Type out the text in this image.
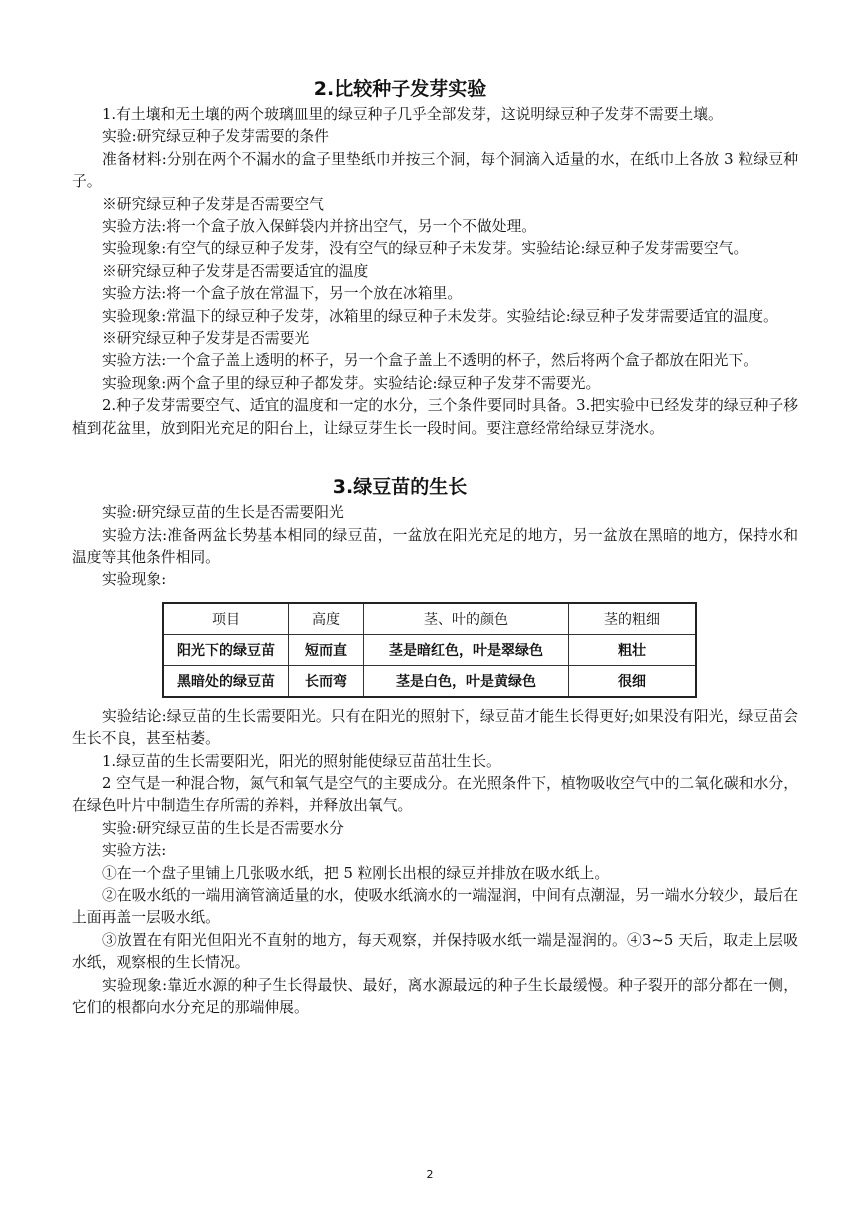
2.比较种子发芽实验

1.有土壤和无土壤的两个玻璃皿里的绿豆种子几乎全部发芽，这说明绿豆种子发芽不需要土壤。

实验:研究绿豆种子发芽需要的条件

准备材料:分别在两个不漏水的盒子里垫纸巾并按三个洞，每个洞滴入适量的水，在纸巾上各放 3 粒绿豆种子。

※研究绿豆种子发芽是否需要空气

实验方法:将一个盒子放入保鲜袋内并挤出空气，另一个不做处理。

实验现象:有空气的绿豆种子发芽，没有空气的绿豆种子未发芽。实验结论:绿豆种子发芽需要空气。

※研究绿豆种子发芽是否需要适宜的温度

实验方法:将一个盒子放在常温下，另一个放在冰箱里。

实验现象:常温下的绿豆种子发芽，冰箱里的绿豆种子未发芽。实验结论:绿豆种子发芽需要适宜的温度。

※研究绿豆种子发芽是否需要光

实验方法:一个盒子盖上透明的杯子，另一个盒子盖上不透明的杯子，然后将两个盒子都放在阳光下。

实验现象:两个盒子里的绿豆种子都发芽。实验结论:绿豆种子发芽不需要光。

2.种子发芽需要空气、适宜的温度和一定的水分，三个条件要同时具备。3.把实验中已经发芽的绿豆种子移植到花盆里，放到阳光充足的阳台上，让绿豆芽生长一段时间。要注意经常给绿豆芽浇水。

3.绿豆苗的生长

实验:研究绿豆苗的生长是否需要阳光

实验方法:准备两盆长势基本相同的绿豆苗，一盆放在阳光充足的地方，另一盆放在黑暗的地方，保持水和温度等其他条件相同。

实验现象:

项目	高度	茎、叶的颜色	茎的粗细
阳光下的绿豆苗	短而直	茎是暗红色，叶是翠绿色	粗壮
黑暗处的绿豆苗	长而弯	茎是白色，叶是黄绿色	很细

实验结论:绿豆苗的生长需要阳光。只有在阳光的照射下，绿豆苗才能生长得更好;如果没有阳光，绿豆苗会生长不良，甚至枯萎。

1.绿豆苗的生长需要阳光，阳光的照射能使绿豆苗茁壮生长。

2 空气是一种混合物，氮气和氧气是空气的主要成分。在光照条件下，植物吸收空气中的二氧化碳和水分，在绿色叶片中制造生存所需的养料，并释放出氧气。

实验:研究绿豆苗的生长是否需要水分

实验方法:

①在一个盘子里铺上几张吸水纸，把 5 粒刚长出根的绿豆并排放在吸水纸上。

②在吸水纸的一端用滴管滴适量的水，使吸水纸滴水的一端湿润，中间有点潮湿，另一端水分较少，最后在上面再盖一层吸水纸。

③放置在有阳光但阳光不直射的地方，每天观察，并保持吸水纸一端是湿润的。④3~5 天后，取走上层吸水纸，观察根的生长情况。

实验现象:靠近水源的种子生长得最快、最好，离水源最远的种子生长最缓慢。种子裂开的部分都在一侧，它们的根都向水分充足的那端伸展。

2
